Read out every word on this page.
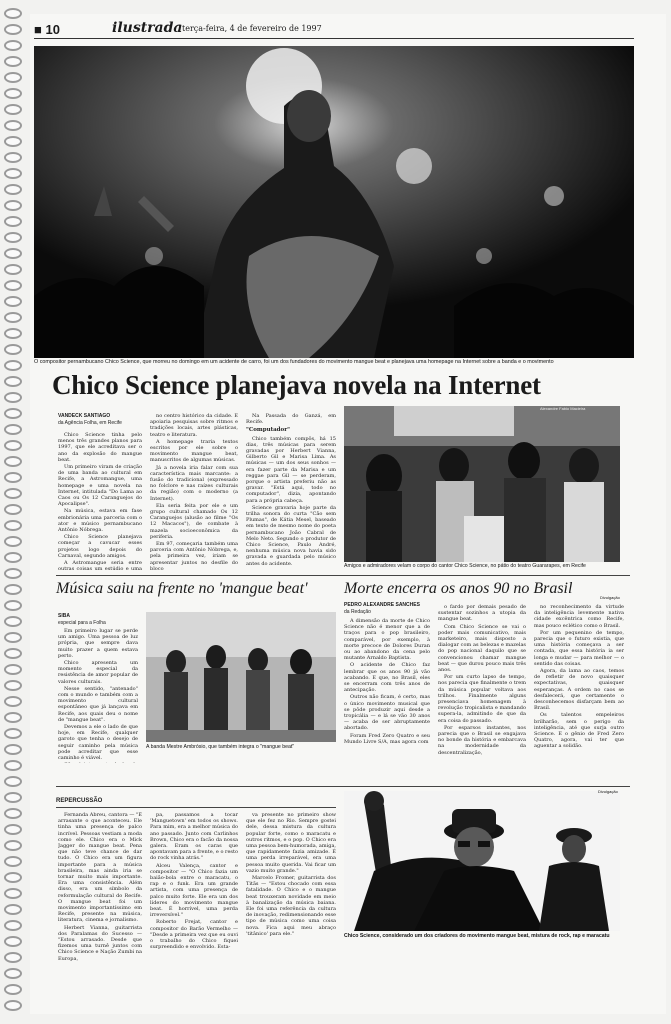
■ 10	ilustrada terça-feira, 4 de fevereiro de 1997
O compositor pernambucano Chico Science, que morreu no domingo em um acidente de carro, foi um dos fundadores do movimento mangue beat e planejava uma homepage na Internet sobre a banda e o movimento
Chico Science planejava novela na Internet
VANDECK SANTIAGO
da Agência Folha, em Recife

Chico Science tinha pelo menos três grandes planos para 1997, que ele acreditava ser o ano da explosão do mangue beat.

Um primeiro viram de criação de uma banda ao cultural em Recife, a Astromangue, uma homepage e uma novela na Internet, intitulada "Do Lama ao Caos ou Os 12 Caranguejos do Apocalipse".

Na música, estava em fase embrionária uma parceria com o ator e músico pernambucano Antônio Nóbrega.

Chico Science planejava começar a cavucar esses projetos logo depois do Carnaval, segundo amigos.

A Astromangue seria entre outras coisas um estúdio e uma

no centro histórico da cidade. E apoiaria pesquisas sobre ritmos e tradições locais, artes plásticas, teatro e literatura.

A homepage traria textos escritos por ele sobre o movimento mangue beat, manuscritos de algumas músicas.

Já a novela iria falar com sua característica mais marcante: a fusão do tradicional (expressado no folclore e nas raízes culturais da região) com o moderno (a Internet).

Ela seria feita por ele e um grupo cultural chamado Os 12 Caranguejos (alusão ao filme "Os 12 Macacos"), de combate à mazela socioeconômica da periferia.

Em 97, começaria também uma parceria com Antônio Nóbrega, e, pela primeira vez, iriam se apresentar juntos no desfile do bloco

Na Passada do Ganzá, em Recife.

"Computador"

Chico também compôs, há 15 dias, três músicas para serem gravadas por Herbert Vianna, Gilberto Gil e Marisa Lima. As músicas — um dos seus sonhos — era fazer parte da Marisa e um reggae para Gil — se perderam, porque o artista preferiu não as gravar. "Está aqui, todo no computador", dizia, apontando para a própria cabeça.

Science gravaria hoje parte da trilha sonora do curta "Cão sem Plumas", de Kátia Mesel, baseado em texto de mesmo nome do poeta pernambucano João Cabral de Melo Neto. Segundo o produtor de Chico Science, Paulo André, nenhuma música nova havia sido gravada e guardada pelo músico antes do acidente.

Alexandre Fabio Macieira
Amigos e admiradores velam o corpo do cantor Chico Science, no pátio do teatro Guararapes, em Recife
Música saiu na frente no 'mangue beat'	Morte encerra os anos 90 no Brasil
SIBA
especial para a Folha

Em primeiro lugar se perde um amigo. Uma pessoa de luz própria, que sempre dava muito prazer a quem estava perto.

Chico apresenta um momento especial da resistência de amor popular de valores culturais.

Nesse sentido, "antenado" com o mundo e também com a movimento cultural espontâneo que já lançava em Recife, aos quais deu o nome de "mangue beat".

Devemos a ele o lado de que hoje, em Recife, qualquer garoto que tenha o desejo de seguir caminho pela música pode acreditar que esse caminho é viável.

A banda Mestre Ambrósio, que também integra o "mangue beat"
PEDRO ALEXANDRE SANCHES
da Redação

A dimensão da morte de Chico Science não é menor que a de traços para o pop brasileiro, comparável, por exemplo, à morte precoce de Dolores Duran ou ao abandono da cena pelo mutante Arnaldo Baptista.

O acidente de Chico faz lembrar que os anos 90 já vão acabando. E que, no Brasil, eles se encerram com três anos de antecipação.

Outros não ficam, é certo, mas o único movimento musical que se pôde produzir aqui desde a tropicália — e lá se vão 30 anos — acaba de ser abruptamente abortado.

Foram Fred Zero Quatro e seu Mundo Livre S/A, mas agora com

o fardo por demais pesado de sustentar sozinhos a utopia da mangue beat.

Com Chico Science se vai o poder mais comunicativo, mais marketeiro, mais disposto a dialogar com as belezas e mazelas do pop nacional daquilo que se convencionou chamar mangue beat — que durou pouco mais três anos.

Por um curto lapso de tempo, nos parecia que finalmente o trem da música popular voltava aos trilhos. Finalmente alguns presenciava homenagem à revolução tropicalista e mandando supera-la, admitindo de que da era coisa do passado.

Por esparsos instantes, nos parecia que o Brasil se engajava no bonde da história e embarcava na modernidade da descentralização,

no reconhecimento da virtude da inteligência levemente nativa cidade excêntrica como Recife, mas pouco eclético como o Brasil.

Por um pequenino de tempo, parecia que o futuro existia, que uma história começava a ser contada, que essa história ia ser longa e mudar — para melhor — o sentido das coisas.

Agora, da lama ao caos, temos de refletir de novo quaisquer expectativas, quaisquer esperanças. A ordem no caos se desfalecerá, que certamente o desconhecemos disfarçam bem ao Brasil.

Os talentos empeleiros brilharão, sem o perigo da inteligência, até que surja outro Science. E o gênio de Fred Zero Quatro, agora, vai ter que aguentar a solidão.

Divulgação
REPERCUSSÃO

Fernanda Abreu, cantora — "É arrasante o que aconteceu. Ele tinha uma presença de palco incrível. Pessoas vestiam a moda como ele. Chico era o Mick Jagger do mangue beat. Pena que não teve chance de dar tudo. O Chico era um figura importante para a música brasileira, mas ainda iria se tornar muito mais importante. Era uma consistência. Além disso, era um símbolo da reformulação cultural do Recife. O mangue beat foi um movimento importantíssimo em Recife, presente na música, literatura, cinema e jornalismo.

Herbert Vianna, guitarrista dos Paralamas do Sucesso — "Estou arrasado. Desde que fizemos uma turnê juntos com Chico Science e Nação Zumbi na Europa,

pa, passamos a tocar 'Manguetown' em todos os shows. Para mim, era a melhor música do ano passado. Junto com Carlinhos Brown, Chico era o facão da nossa galera. Eram os caras que apontavam para a frente, e o resto do rock vinha atrás."

Alceu Valença, cantor e compositor — "O Chico fazia um baião-bola entre o maracatu, o rap e o funk. Era um grande artista, com uma presença de palco muito forte. Ele era um dos líderes do movimento mangue beat. É horrível, uma perda irreversível."

Roberto Frejat, cantor e compositor do Barão Vermelho — "Desde a primeira vez que eu ouvi o trabalho do Chico fiquei surpreendido e envolvido. Esta-

va presente no primeiro show que ele fez no Rio. Sempre gostei dele, dessa mistura da cultura popular forte, como o maracatu e outros ritmos, e o pop. O Chico era uma pessoa bem-humorada, amiga, que rapidamente fazia amizade. É uma perda irreparável, era uma pessoa muito querida. Vai ficar um vazio muito grande."

Marcelo Fromer, guitarrista dos Titãs — "Estou chocado com essa fatalidade. O Chico e o mangue beat trouxeram novidade em meio à banalização da música baiana. Ele foi uma referência da cultura de inovação, redimensionando esse tipo de música como uma coisa nova. Fica aqui meu abraço 'titânico' para ele."

Divulgação
Chico Science, considerado um dos criadores do movimento mangue beat, mistura de rock, rap e maracatu
